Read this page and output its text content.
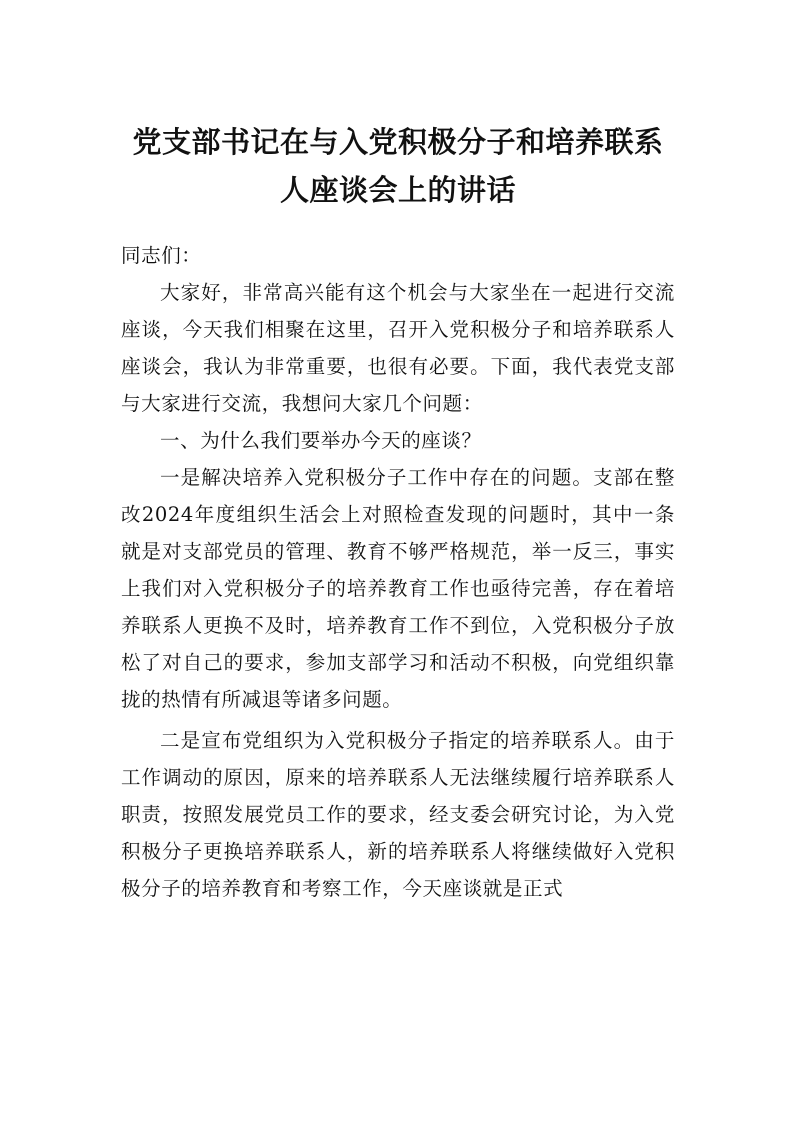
党支部书记在与入党积极分子和培养联系
人座谈会上的讲话

同志们：

大家好，非常高兴能有这个机会与大家坐在一起进行交流座谈，今天我们相聚在这里，召开入党积极分子和培养联系人座谈会，我认为非常重要，也很有必要。下面，我代表党支部与大家进行交流，我想问大家几个问题：

一、为什么我们要举办今天的座谈？

一是解决培养入党积极分子工作中存在的问题。支部在整改2024年度组织生活会上对照检查发现的问题时，其中一条就是对支部党员的管理、教育不够严格规范，举一反三，事实上我们对入党积极分子的培养教育工作也亟待完善，存在着培养联系人更换不及时，培养教育工作不到位，入党积极分子放松了对自己的要求，参加支部学习和活动不积极，向党组织靠拢的热情有所减退等诸多问题。

二是宣布党组织为入党积极分子指定的培养联系人。由于工作调动的原因，原来的培养联系人无法继续履行培养联系人职责，按照发展党员工作的要求，经支委会研究讨论，为入党积极分子更换培养联系人，新的培养联系人将继续做好入党积极分子的培养教育和考察工作，今天座谈就是正式
